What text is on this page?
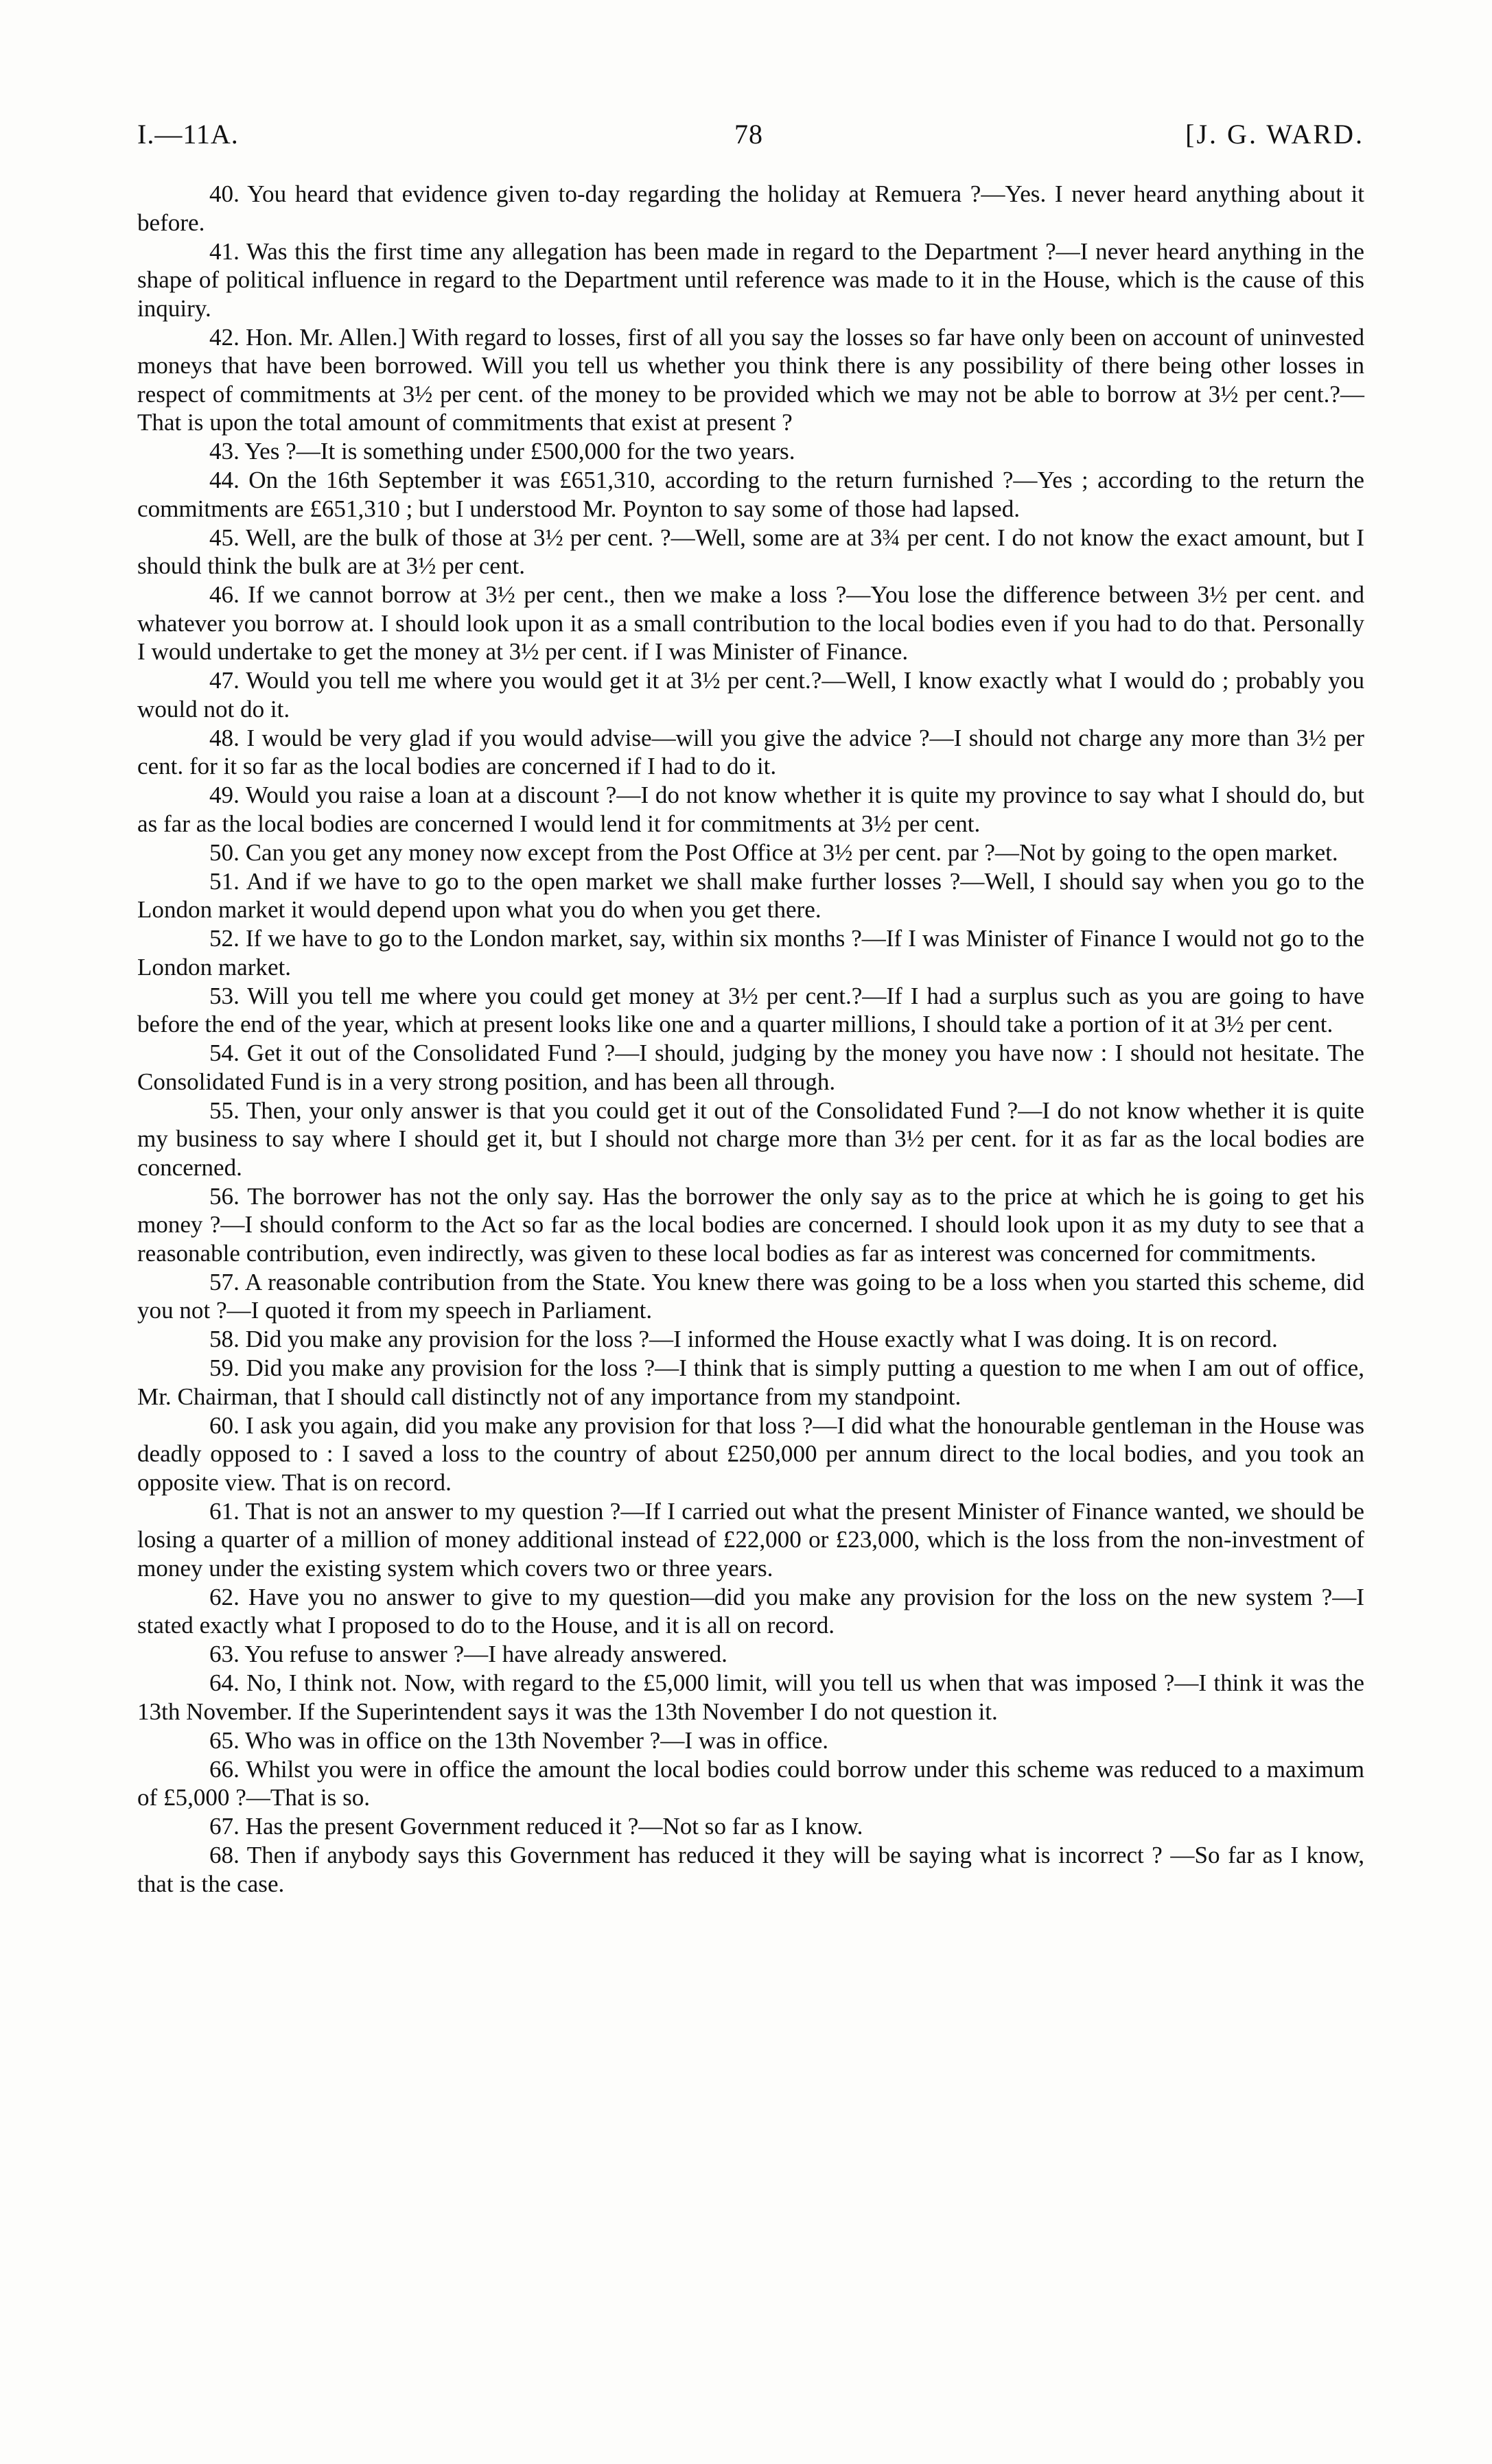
I.—11A.	78	[J. G. WARD.

40. You heard that evidence given to-day regarding the holiday at Remuera ?—Yes. I never heard anything about it before.

41. Was this the first time any allegation has been made in regard to the Department ?—I never heard anything in the shape of political influence in regard to the Department until reference was made to it in the House, which is the cause of this inquiry.

42. Hon. Mr. Allen.] With regard to losses, first of all you say the losses so far have only been on account of uninvested moneys that have been borrowed. Will you tell us whether you think there is any possibility of there being other losses in respect of commitments at 3½ per cent. of the money to be provided which we may not be able to borrow at 3½ per cent.?—That is upon the total amount of commitments that exist at present ?

43. Yes ?—It is something under £500,000 for the two years.

44. On the 16th September it was £651,310, according to the return furnished ?—Yes ; according to the return the commitments are £651,310 ; but I understood Mr. Poynton to say some of those had lapsed.

45. Well, are the bulk of those at 3½ per cent. ?—Well, some are at 3¾ per cent. I do not know the exact amount, but I should think the bulk are at 3½ per cent.

46. If we cannot borrow at 3½ per cent., then we make a loss ?—You lose the difference between 3½ per cent. and whatever you borrow at. I should look upon it as a small contribution to the local bodies even if you had to do that. Personally I would undertake to get the money at 3½ per cent. if I was Minister of Finance.

47. Would you tell me where you would get it at 3½ per cent.?—Well, I know exactly what I would do ; probably you would not do it.

48. I would be very glad if you would advise—will you give the advice ?—I should not charge any more than 3½ per cent. for it so far as the local bodies are concerned if I had to do it.

49. Would you raise a loan at a discount ?—I do not know whether it is quite my province to say what I should do, but as far as the local bodies are concerned I would lend it for commitments at 3½ per cent.

50. Can you get any money now except from the Post Office at 3½ per cent. par ?—Not by going to the open market.

51. And if we have to go to the open market we shall make further losses ?—Well, I should say when you go to the London market it would depend upon what you do when you get there.

52. If we have to go to the London market, say, within six months ?—If I was Minister of Finance I would not go to the London market.

53. Will you tell me where you could get money at 3½ per cent.?—If I had a surplus such as you are going to have before the end of the year, which at present looks like one and a quarter millions, I should take a portion of it at 3½ per cent.

54. Get it out of the Consolidated Fund ?—I should, judging by the money you have now : I should not hesitate. The Consolidated Fund is in a very strong position, and has been all through.

55. Then, your only answer is that you could get it out of the Consolidated Fund ?—I do not know whether it is quite my business to say where I should get it, but I should not charge more than 3½ per cent. for it as far as the local bodies are concerned.

56. The borrower has not the only say. Has the borrower the only say as to the price at which he is going to get his money ?—I should conform to the Act so far as the local bodies are concerned. I should look upon it as my duty to see that a reasonable contribution, even indirectly, was given to these local bodies as far as interest was concerned for commitments.

57. A reasonable contribution from the State. You knew there was going to be a loss when you started this scheme, did you not ?—I quoted it from my speech in Parliament.

58. Did you make any provision for the loss ?—I informed the House exactly what I was doing. It is on record.

59. Did you make any provision for the loss ?—I think that is simply putting a question to me when I am out of office, Mr. Chairman, that I should call distinctly not of any importance from my standpoint.

60. I ask you again, did you make any provision for that loss ?—I did what the honourable gentleman in the House was deadly opposed to : I saved a loss to the country of about £250,000 per annum direct to the local bodies, and you took an opposite view. That is on record.

61. That is not an answer to my question ?—If I carried out what the present Minister of Finance wanted, we should be losing a quarter of a million of money additional instead of £22,000 or £23,000, which is the loss from the non-investment of money under the existing system which covers two or three years.

62. Have you no answer to give to my question—did you make any provision for the loss on the new system ?—I stated exactly what I proposed to do to the House, and it is all on record.

63. You refuse to answer ?—I have already answered.

64. No, I think not. Now, with regard to the £5,000 limit, will you tell us when that was imposed ?—I think it was the 13th November. If the Superintendent says it was the 13th November I do not question it.

65. Who was in office on the 13th November ?—I was in office.

66. Whilst you were in office the amount the local bodies could borrow under this scheme was reduced to a maximum of £5,000 ?—That is so.

67. Has the present Government reduced it ?—Not so far as I know.

68. Then if anybody says this Government has reduced it they will be saying what is incorrect ? —So far as I know, that is the case.
